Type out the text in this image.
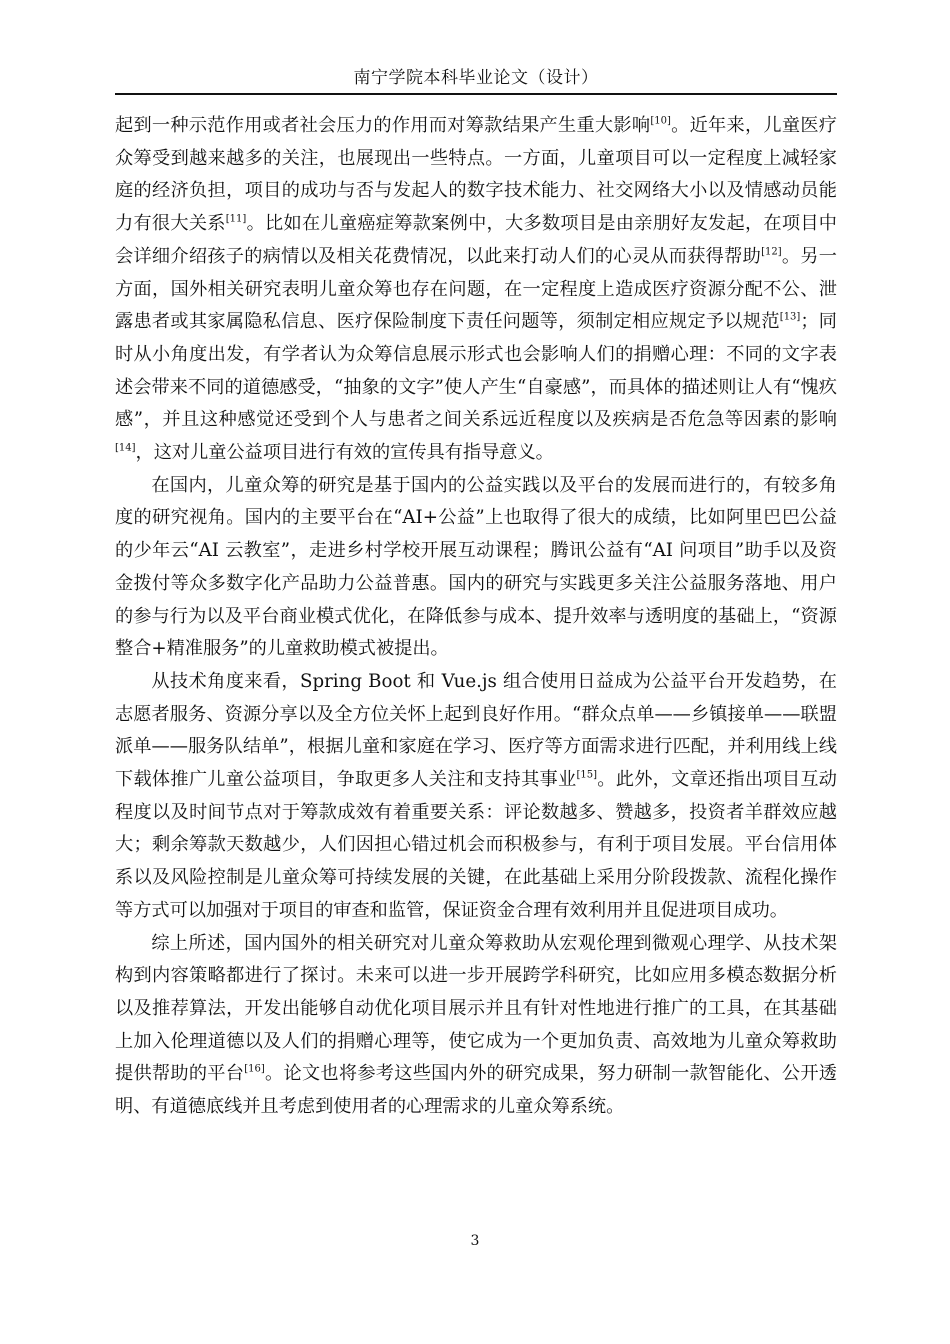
南宁学院本科毕业论文（设计）

起到一种示范作用或者社会压力的作用而对筹款结果产生重大影响[10]。近年来，儿童医疗众筹受到越来越多的关注，也展现出一些特点。一方面，儿童项目可以一定程度上减轻家庭的经济负担，项目的成功与否与发起人的数字技术能力、社交网络大小以及情感动员能力有很大关系[11]。比如在儿童癌症筹款案例中，大多数项目是由亲朋好友发起，在项目中会详细介绍孩子的病情以及相关花费情况，以此来打动人们的心灵从而获得帮助[12]。另一方面，国外相关研究表明儿童众筹也存在问题，在一定程度上造成医疗资源分配不公、泄露患者或其家属隐私信息、医疗保险制度下责任问题等，须制定相应规定予以规范[13]；同时从小角度出发，有学者认为众筹信息展示形式也会影响人们的捐赠心理：不同的文字表述会带来不同的道德感受，“抽象的文字”使人产生“自豪感”，而具体的描述则让人有“愧疚感”，并且这种感觉还受到个人与患者之间关系远近程度以及疾病是否危急等因素的影响[14]，这对儿童公益项目进行有效的宣传具有指导意义。

在国内，儿童众筹的研究是基于国内的公益实践以及平台的发展而进行的，有较多角度的研究视角。国内的主要平台在“AI+公益”上也取得了很大的成绩，比如阿里巴巴公益的少年云“AI 云教室”，走进乡村学校开展互动课程；腾讯公益有“AI 问项目”助手以及资金拨付等众多数字化产品助力公益普惠。国内的研究与实践更多关注公益服务落地、用户的参与行为以及平台商业模式优化，在降低参与成本、提升效率与透明度的基础上，“资源整合+精准服务”的儿童救助模式被提出。

从技术角度来看，Spring Boot 和 Vue.js 组合使用日益成为公益平台开发趋势，在志愿者服务、资源分享以及全方位关怀上起到良好作用。“群众点单——乡镇接单——联盟派单——服务队结单”，根据儿童和家庭在学习、医疗等方面需求进行匹配，并利用线上线下载体推广儿童公益项目，争取更多人关注和支持其事业[15]。此外，文章还指出项目互动程度以及时间节点对于筹款成效有着重要关系：评论数越多、赞越多，投资者羊群效应越大；剩余筹款天数越少，人们因担心错过机会而积极参与，有利于项目发展。平台信用体系以及风险控制是儿童众筹可持续发展的关键，在此基础上采用分阶段拨款、流程化操作等方式可以加强对于项目的审查和监管，保证资金合理有效利用并且促进项目成功。

综上所述，国内国外的相关研究对儿童众筹救助从宏观伦理到微观心理学、从技术架构到内容策略都进行了探讨。未来可以进一步开展跨学科研究，比如应用多模态数据分析以及推荐算法，开发出能够自动优化项目展示并且有针对性地进行推广的工具，在其基础上加入伦理道德以及人们的捐赠心理等，使它成为一个更加负责、高效地为儿童众筹救助提供帮助的平台[16]。论文也将参考这些国内外的研究成果，努力研制一款智能化、公开透明、有道德底线并且考虑到使用者的心理需求的儿童众筹系统。

3
